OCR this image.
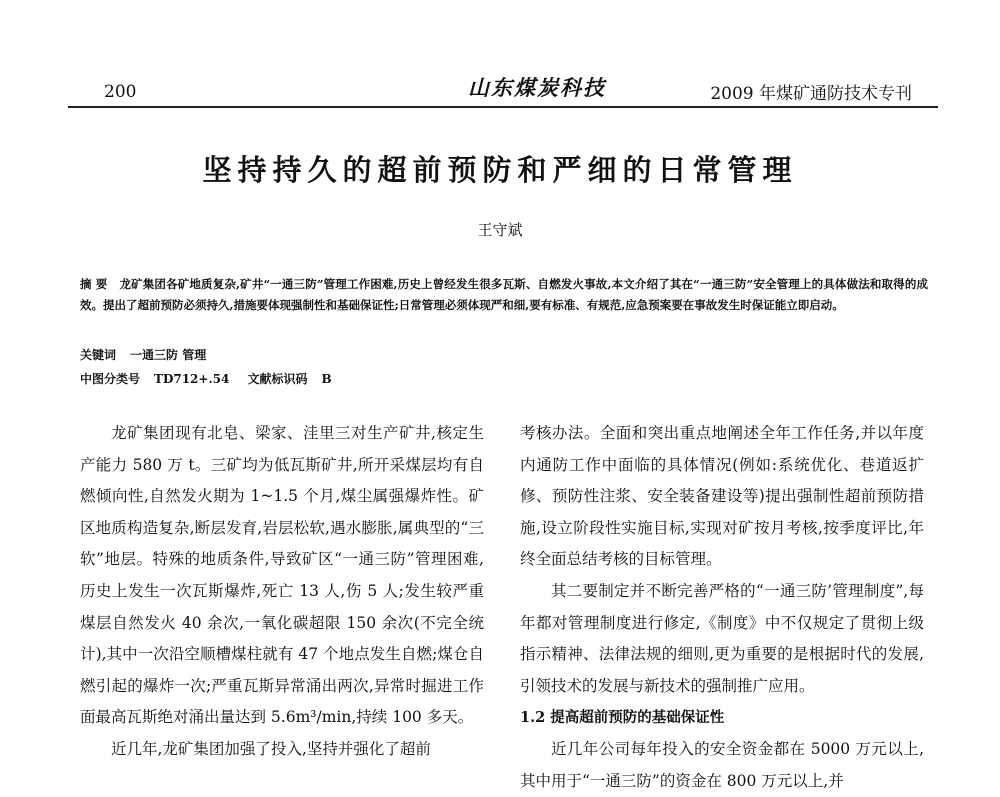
200	山东煤炭科技	2009 年煤矿通防技术专刊
坚持持久的超前预防和严细的日常管理
王守斌
摘 要 龙矿集团各矿地质复杂,矿井“一通三防”管理工作困难,历史上曾经发生很多瓦斯、自燃发火事故,本文介绍了其在“一通三防”安全管理上的具体做法和取得的成效。提出了超前预防必须持久,措施要体现强制性和基础保证性;日常管理必须体现严和细,要有标准、有规范,应急预案要在事故发生时保证能立即启动。
关键词 一通三防 管理
中图分类号 TD712+.54 文献标识码 B

龙矿集团现有北皂、梁家、洼里三对生产矿井,核定生产能力 580 万 t。三矿均为低瓦斯矿井,所开采煤层均有自燃倾向性,自然发火期为 1~1.5 个月,煤尘属强爆炸性。矿区地质构造复杂,断层发育,岩层松软,遇水膨胀,属典型的“三软”地层。特殊的地质条件,导致矿区“一通三防”管理困难,历史上发生一次瓦斯爆炸,死亡 13 人,伤 5 人;发生较严重煤层自然发火 40 余次,一氧化碳超限 150 余次(不完全统计),其中一次沿空顺槽煤柱就有 47 个地点发生自燃;煤仓自燃引起的爆炸一次;严重瓦斯异常涌出两次,异常时掘进工作面最高瓦斯绝对涌出量达到 5.6m³/min,持续 100 多天。

近几年,龙矿集团加强了投入,坚持并强化了超前

考核办法。全面和突出重点地阐述全年工作任务,并以年度内通防工作中面临的具体情况(例如:系统优化、巷道返扩修、预防性注浆、安全装备建设等)提出强制性超前预防措施,设立阶段性实施目标,实现对矿按月考核,按季度评比,年终全面总结考核的目标管理。

其二要制定并不断完善严格的“一通三防’管理制度”,每年都对管理制度进行修定,《制度》中不仅规定了贯彻上级指示精神、法律法规的细则,更为重要的是根据时代的发展,引领技术的发展与新技术的强制推广应用。

1.2 提高超前预防的基础保证性

近几年公司每年投入的安全资金都在 5000 万元以上,其中用于“一通三防”的资金在 800 万元以上,并
